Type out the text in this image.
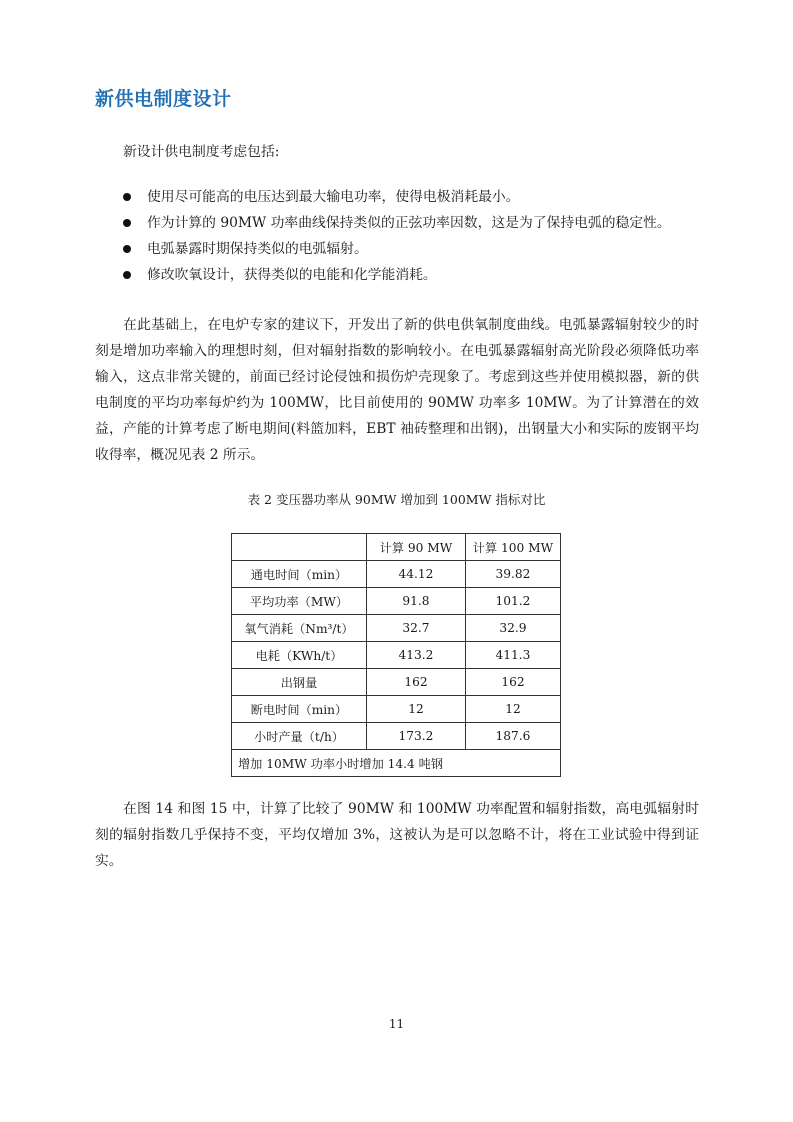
新供电制度设计

新设计供电制度考虑包括:

使用尽可能高的电压达到最大输电功率，使得电极消耗最小。
作为计算的 90MW 功率曲线保持类似的正弦功率因数，这是为了保持电弧的稳定性。
电弧暴露时期保持类似的电弧辐射。
修改吹氧设计，获得类似的电能和化学能消耗。

在此基础上，在电炉专家的建议下，开发出了新的供电供氧制度曲线。电弧暴露辐射较少的时刻是增加功率输入的理想时刻，但对辐射指数的影响较小。在电弧暴露辐射高光阶段必须降低功率输入，这点非常关键的，前面已经讨论侵蚀和损伤炉壳现象了。考虑到这些并使用模拟器，新的供电制度的平均功率每炉约为 100MW，比目前使用的 90MW 功率多 10MW。为了计算潜在的效益，产能的计算考虑了断电期间(料篮加料，EBT 袖砖整理和出钢)，出钢量大小和实际的废钢平均收得率，概况见表 2 所示。

表 2 变压器功率从 90MW 增加到 100MW 指标对比

	计算 90 MW	计算 100 MW
通电时间（min）	44.12	39.82
平均功率（MW）	91.8	101.2
氧气消耗（Nm³/t）	32.7	32.9
电耗（KWh/t）	413.2	411.3
出钢量	162	162
断电时间（min）	12	12
小时产量（t/h）	173.2	187.6
增加 10MW 功率小时增加 14.4 吨钢		

在图 14 和图 15 中，计算了比较了 90MW 和 100MW 功率配置和辐射指数，高电弧辐射时刻的辐射指数几乎保持不变，平均仅增加 3%，这被认为是可以忽略不计，将在工业试验中得到证实。

11
